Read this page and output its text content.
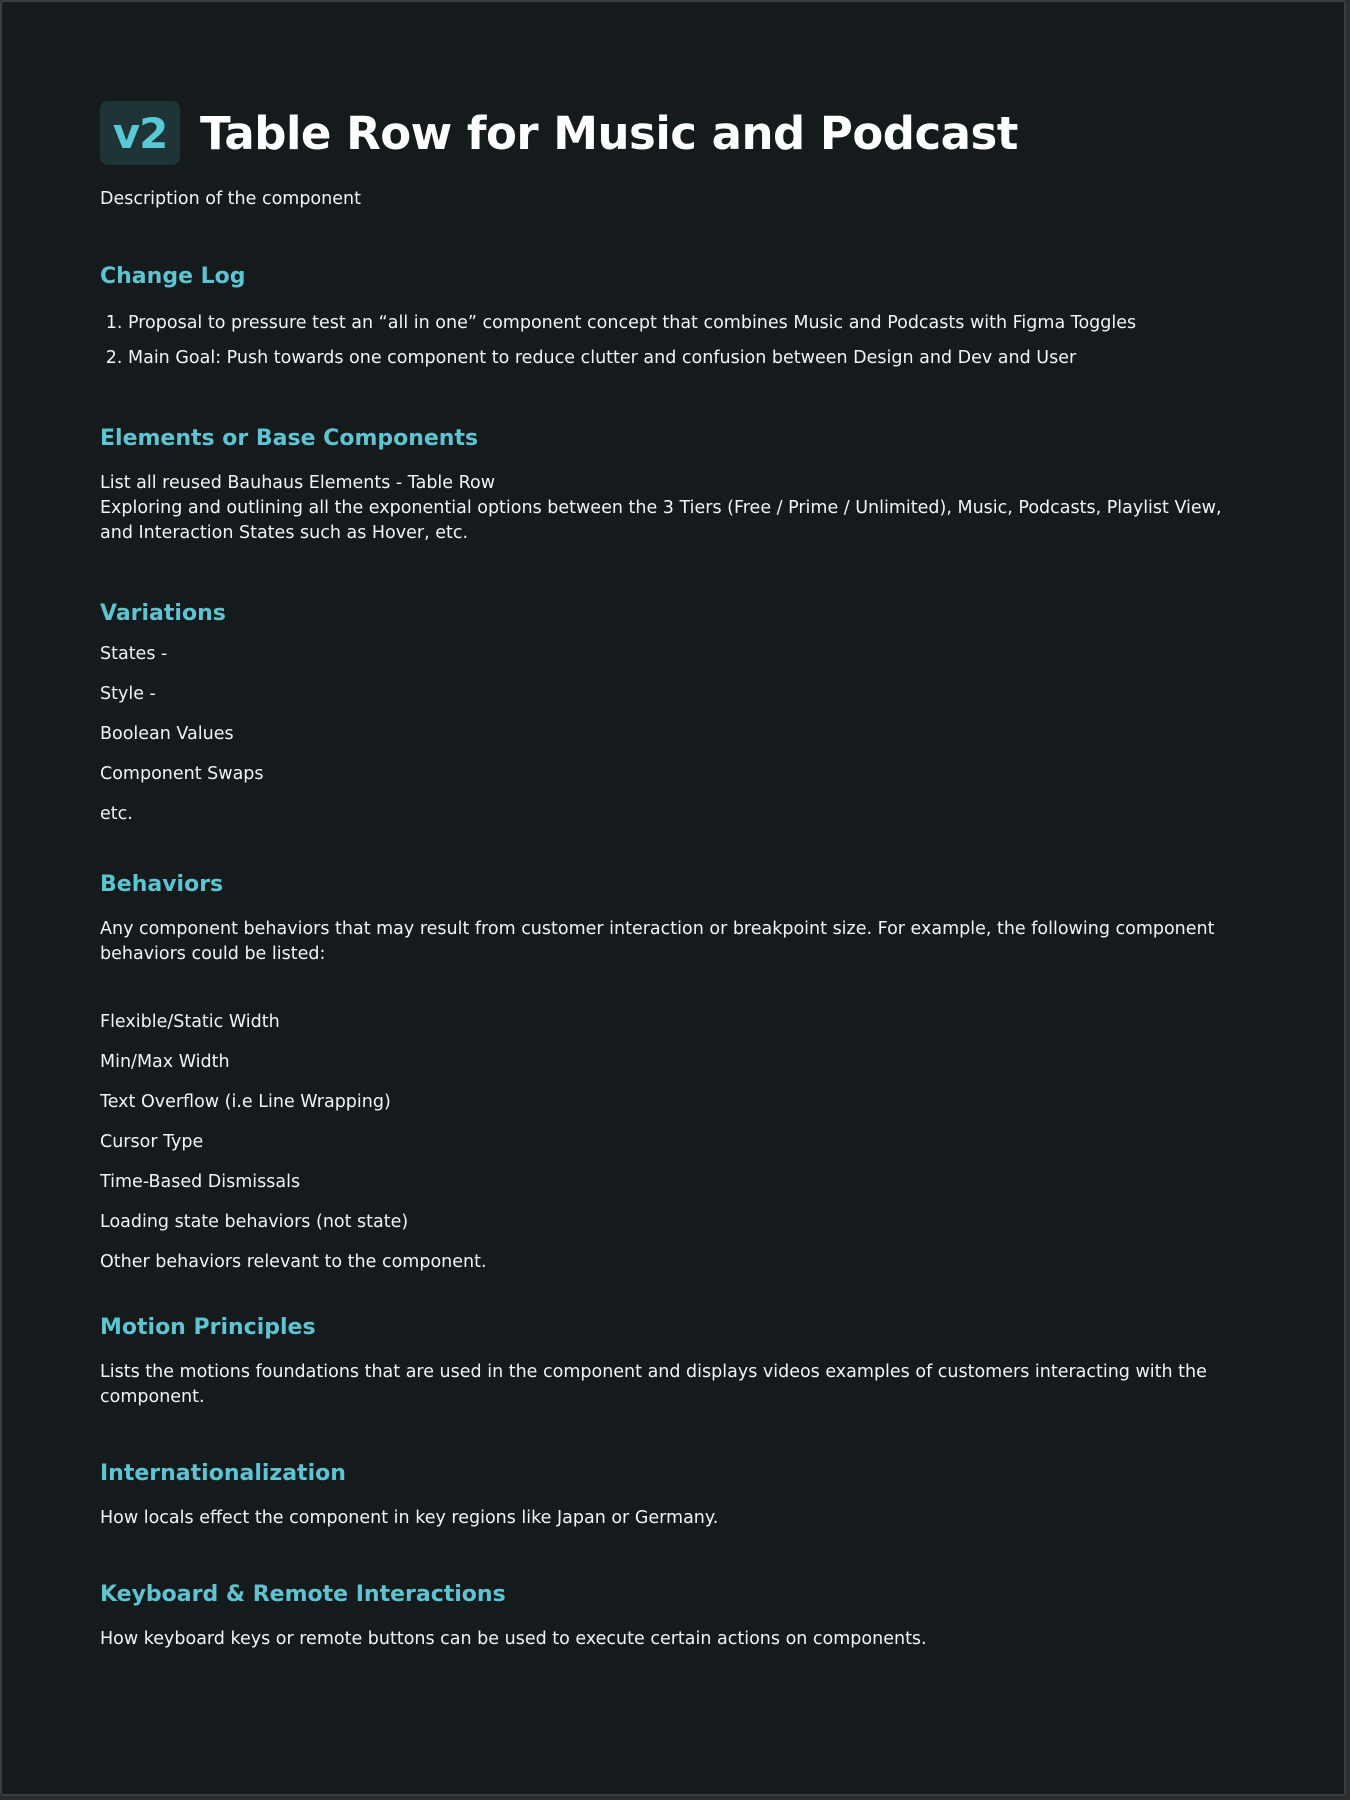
v2 Table Row for Music and Podcast
Description of the component
Change Log
1. Proposal to pressure test an “all in one” component concept that combines Music and Podcasts with Figma Toggles
2. Main Goal: Push towards one component to reduce clutter and confusion between Design and Dev and User
Elements or Base Components
List all reused Bauhaus Elements - Table Row
Exploring and outlining all the exponential options between the 3 Tiers (Free / Prime / Unlimited), Music, Podcasts, Playlist View, and Interaction States such as Hover, etc.
Variations
States -
Style -
Boolean Values
Component Swaps
etc.
Behaviors
Any component behaviors that may result from customer interaction or breakpoint size. For example, the following component behaviors could be listed:
Flexible/Static Width
Min/Max Width
Text Overflow (i.e Line Wrapping)
Cursor Type
Time-Based Dismissals
Loading state behaviors (not state)
Other behaviors relevant to the component.
Motion Principles
Lists the motions foundations that are used in the component and displays videos examples of customers interacting with the component.
Internationalization
How locals effect the component in key regions like Japan or Germany.
Keyboard & Remote Interactions
How keyboard keys or remote buttons can be used to execute certain actions on components.
